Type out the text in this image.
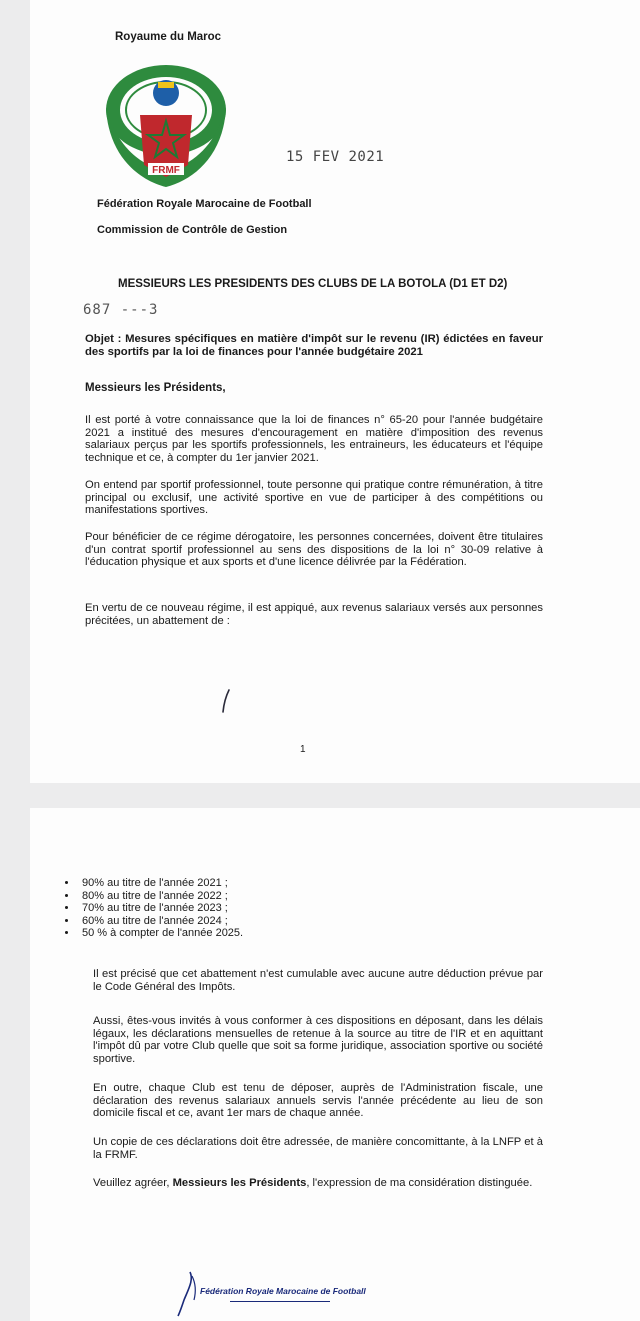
Royaume du Maroc
FRMF
15 FEV 2021
Fédération Royale Marocaine de Football
Commission de Contrôle de Gestion
MESSIEURS LES PRESIDENTS DES CLUBS DE LA BOTOLA (D1 ET D2)
687 ---3
Objet : Mesures spécifiques en matière d'impôt sur le revenu (IR) édictées en faveur des sportifs par la loi de finances pour l'année budgétaire 2021
Messieurs les Présidents,
Il est porté à votre connaissance que la loi de finances n° 65-20 pour l'année budgétaire 2021 a institué des mesures d'encouragement en matière d'imposition des revenus salariaux perçus par les sportifs professionnels, les entraineurs, les éducateurs et l'équipe technique et ce, à compter du 1er janvier 2021.
On entend par sportif professionnel, toute personne qui pratique contre rémunération, à titre principal ou exclusif, une activité sportive en vue de participer à des compétitions ou manifestations sportives.
Pour bénéficier de ce régime dérogatoire, les personnes concernées, doivent être titulaires d'un contrat sportif professionnel au sens des dispositions de la loi n° 30-09 relative à l'éducation physique et aux sports et d'une licence délivrée par la Fédération.
En vertu de ce nouveau régime, il est appiqué, aux revenus salariaux versés aux personnes précitées, un abattement de :
1
• 90% au titre de l'année 2021 ;
• 80% au titre de l'année 2022 ;
• 70% au titre de l'année 2023 ;
• 60% au titre de l'année 2024 ;
• 50 % à compter de l'année 2025.
Il est précisé que cet abattement n'est cumulable avec aucune autre déduction prévue par le Code Général des Impôts.
Aussi, êtes-vous invités à vous conformer à ces dispositions en déposant, dans les délais légaux, les déclarations mensuelles de retenue à la source au titre de l'IR et en aquittant l'impôt dû par votre Club quelle que soit sa forme juridique, association sportive ou société sportive.
En outre, chaque Club est tenu de déposer, auprès de l'Administration fiscale, une déclaration des revenus salariaux annuels servis l'année précédente au lieu de son domicile fiscal et ce, avant 1er mars de chaque année.
Un copie de ces déclarations doit être adressée, de manière concomittante, à la LNFP et à la FRMF.
Veuillez agréer, Messieurs les Présidents, l'expression de ma considération distinguée.
Fédération Royale Marocaine de Football
